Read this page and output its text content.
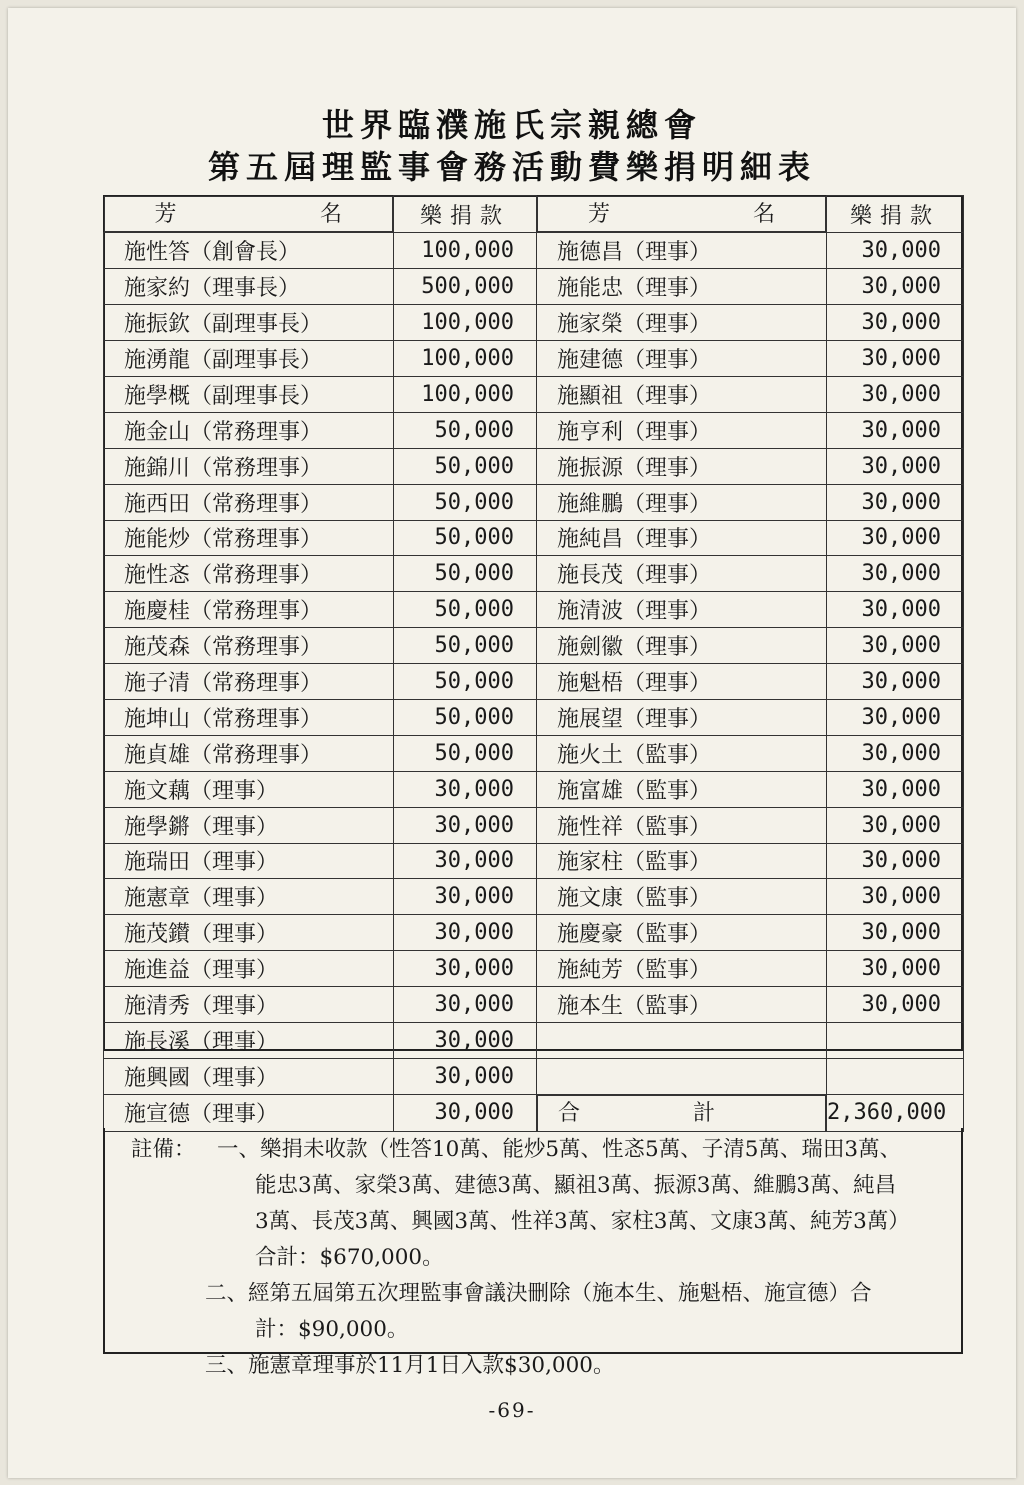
世界臨濮施氏宗親總會
第五屆理監事會務活動費樂捐明細表
芳	名	樂捐款		芳	名	樂捐款
施性答（創會長）	100,000	施德昌（理事）	30,000
施家約（理事長）	500,000	施能忠（理事）	30,000
施振欽（副理事長）	100,000	施家榮（理事）	30,000
施湧龍（副理事長）	100,000	施建德（理事）	30,000
施學概（副理事長）	100,000	施顯祖（理事）	30,000
施金山（常務理事）	50,000	施亨利（理事）	30,000
施錦川（常務理事）	50,000	施振源（理事）	30,000
施西田（常務理事）	50,000	施維鵬（理事）	30,000
施能炒（常務理事）	50,000	施純昌（理事）	30,000
施性忞（常務理事）	50,000	施長茂（理事）	30,000
施慶桂（常務理事）	50,000	施清波（理事）	30,000
施茂森（常務理事）	50,000	施劍徽（理事）	30,000
施子清（常務理事）	50,000	施魁梧（理事）	30,000
施坤山（常務理事）	50,000	施展望（理事）	30,000
施貞雄（常務理事）	50,000	施火土（監事）	30,000
施文藕（理事）	30,000	施富雄（監事）	30,000
施學鏘（理事）	30,000	施性祥（監事）	30,000
施瑞田（理事）	30,000	施家柱（監事）	30,000
施憲章（理事）	30,000	施文康（監事）	30,000
施茂鑚（理事）	30,000	施慶豪（監事）	30,000
施進益（理事）	30,000	施純芳（監事）	30,000
施清秀（理事）	30,000	施本生（監事）	30,000
施長溪（理事）	30,000		
施興國（理事）	30,000		
施宣德（理事）	30,000	合	計	2,360,000
註備： 一、樂捐未收款（性答10萬、能炒5萬、性忞5萬、子清5萬、瑞田3萬、
能忠3萬、家榮3萬、建德3萬、顯祖3萬、振源3萬、維鵬3萬、純昌
3萬、長茂3萬、興國3萬、性祥3萬、家柱3萬、文康3萬、純芳3萬）
合計：$670,000。
二、經第五屆第五次理監事會議決刪除（施本生、施魁梧、施宣德）合
計：$90,000。
三、施憲章理事於11月1日入款$30,000。
-69-
